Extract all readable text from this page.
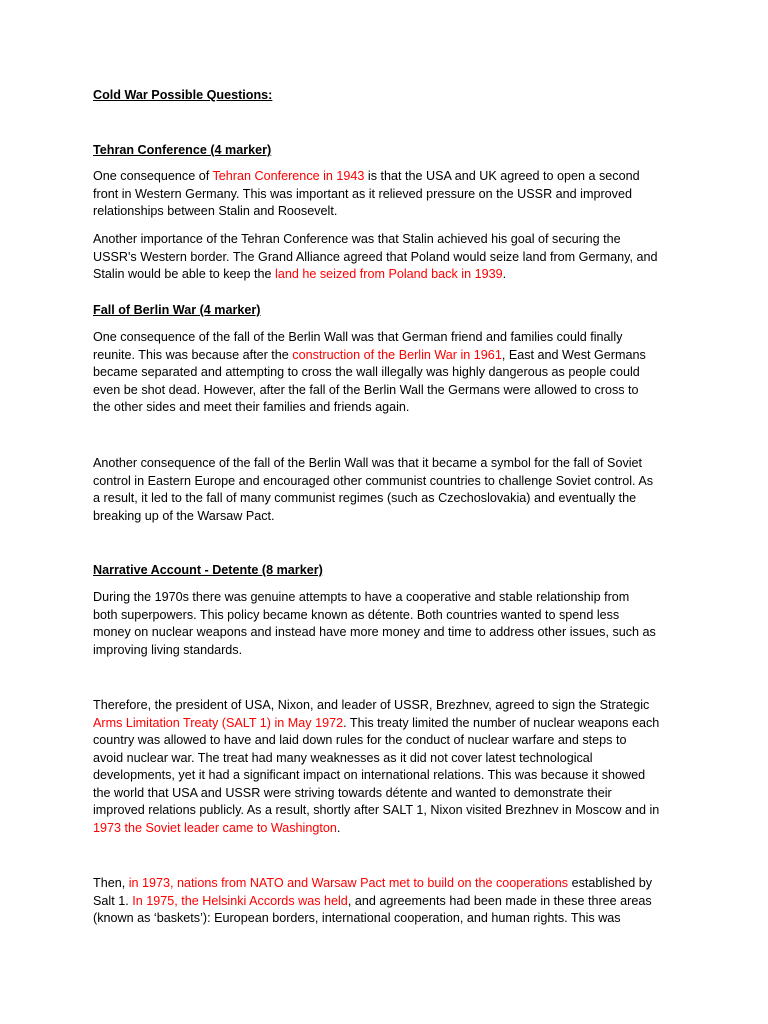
Cold War Possible Questions:
Tehran Conference (4 marker)
One consequence of Tehran Conference in 1943 is that the USA and UK agreed to open a second
front in Western Germany. This was important as it relieved pressure on the USSR and improved
relationships between Stalin and Roosevelt.
Another importance of the Tehran Conference was that Stalin achieved his goal of securing the
USSR's Western border. The Grand Alliance agreed that Poland would seize land from Germany, and
Stalin would be able to keep the land he seized from Poland back in 1939.
Fall of Berlin War (4 marker)
One consequence of the fall of the Berlin Wall was that German friend and families could finally
reunite. This was because after the construction of the Berlin War in 1961, East and West Germans
became separated and attempting to cross the wall illegally was highly dangerous as people could
even be shot dead. However, after the fall of the Berlin Wall the Germans were allowed to cross to
the other sides and meet their families and friends again.
Another consequence of the fall of the Berlin Wall was that it became a symbol for the fall of Soviet
control in Eastern Europe and encouraged other communist countries to challenge Soviet control. As
a result, it led to the fall of many communist regimes (such as Czechoslovakia) and eventually the
breaking up of the Warsaw Pact.
Narrative Account - Detente (8 marker)
During the 1970s there was genuine attempts to have a cooperative and stable relationship from
both superpowers. This policy became known as détente. Both countries wanted to spend less
money on nuclear weapons and instead have more money and time to address other issues, such as
improving living standards.
Therefore, the president of USA, Nixon, and leader of USSR, Brezhnev, agreed to sign the Strategic
Arms Limitation Treaty (SALT 1) in May 1972. This treaty limited the number of nuclear weapons each
country was allowed to have and laid down rules for the conduct of nuclear warfare and steps to
avoid nuclear war. The treat had many weaknesses as it did not cover latest technological
developments, yet it had a significant impact on international relations. This was because it showed
the world that USA and USSR were striving towards détente and wanted to demonstrate their
improved relations publicly. As a result, shortly after SALT 1, Nixon visited Brezhnev in Moscow and in
1973 the Soviet leader came to Washington.
Then, in 1973, nations from NATO and Warsaw Pact met to build on the cooperations established by
Salt 1. In 1975, the Helsinki Accords was held, and agreements had been made in these three areas
(known as ‘baskets’): European borders, international cooperation, and human rights. This was
